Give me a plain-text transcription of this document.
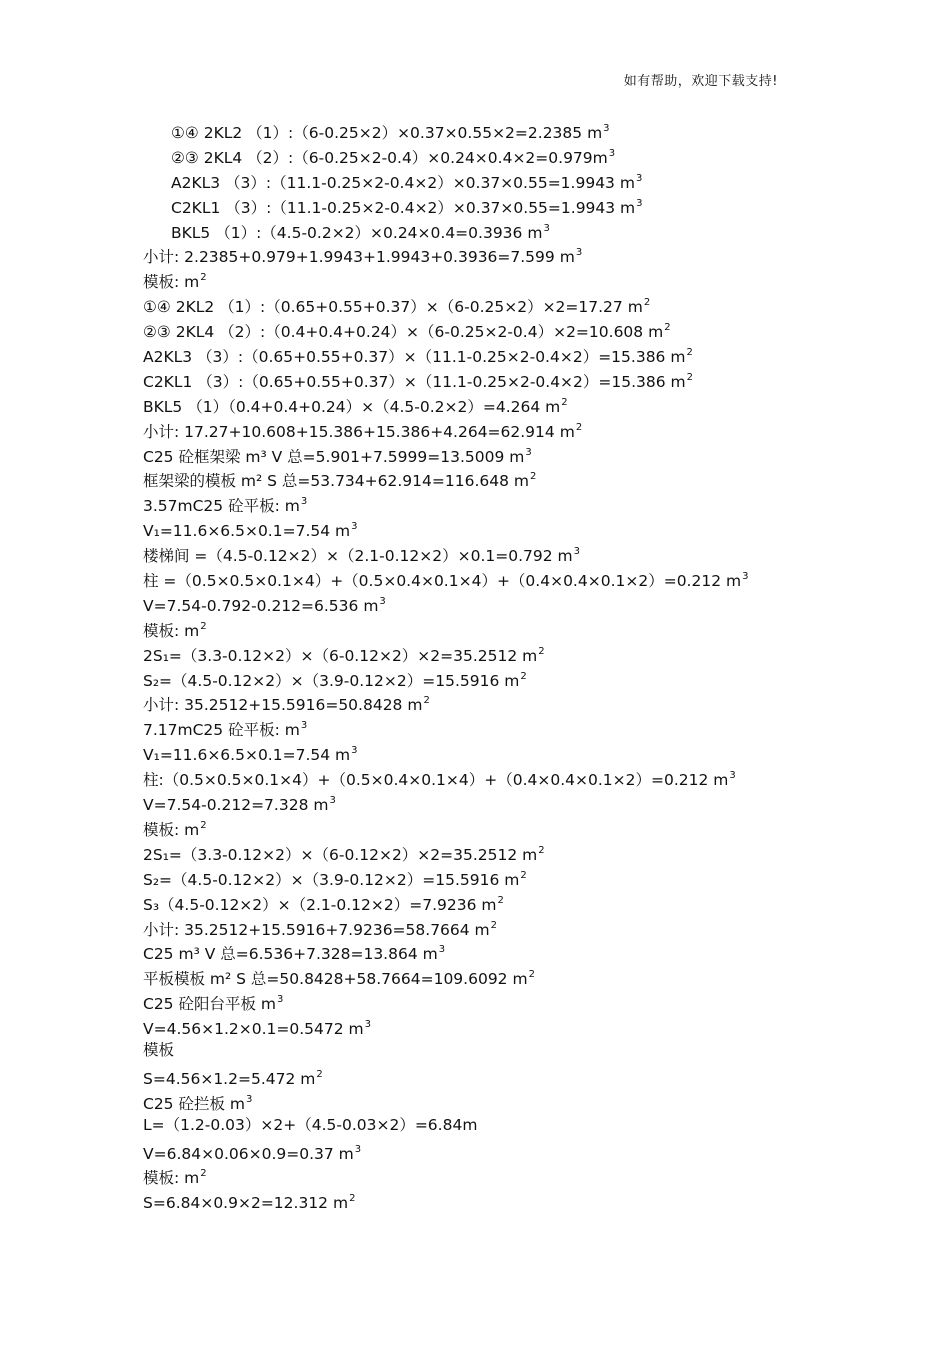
如有帮助，欢迎下载支持!
①④ 2KL2 （1）:（6-0.25×2）×0.37×0.55×2=2.2385 $m^3$
②③ 2KL4 $(2):(6-0.25\times 2-0.4)\times 0.24\times 0.4\times 2=0.979m^3$
A2KL3 （3）:（11.1-0.25×2-0.4×2）×0.37×0.55=1.9943 $m^3$
C2KL1 （3）:（11.1-0.25×2-0.4×2）×0.37×0.55=1.9943 $m^3$
BKL5 （1）:（4.5-0.2×2）×0.24×0.4=0.3936 $m^3$
小计: 2.2385+0.979+1.9943+1.9943+0.3936=7.599 $m^3$
模板: $m^2$
①④ 2KL2 （1）:（0.65+0.55+0.37）×（6-0.25×2）×2=17.27 $m^2$
②③ 2KL4 （2）:（0.4+0.4+0.24）×（6-0.25×2-0.4）×2=10.608 $m^2$
A2KL3 （3）:（0.65+0.55+0.37）×（11.1-0.25×2-0.4×2）=15.386 $m^2$
C2KL1 （3）:（0.65+0.55+0.37）×（11.1-0.25×2-0.4×2）=15.386 $m^2$
BKL5 （1）（0.4+0.4+0.24）×（4.5-0.2×2）=4.264 $m^2$
小计: 17.27+10.608+15.386+15.386+4.264=62.914 $m^2$
C25 砼框架梁 m³ V 总=5.901+7.5999=13.5009 $m^3$
框架梁的模板 m² S 总=53.734+62.914=116.648 $m^2$
3.57mC25 砼平板: $m^3$
V₁=11.6×6.5×0.1=7.54 $m^3$
楼梯间 =（4.5-0.12×2）×（2.1-0.12×2）×0.1=0.792 $m^3$
柱 =（0.5×0.5×0.1×4）+（0.5×0.4×0.1×4）+（0.4×0.4×0.1×2）=0.212 $m^3$
V=7.54-0.792-0.212=6.536 $m^3$
模板: $m^2$
2S₁=（3.3-0.12×2）×（6-0.12×2）×2=35.2512 $m^2$
S₂=（4.5-0.12×2）×（3.9-0.12×2）=15.5916 $m^2$
小计: 35.2512+15.5916=50.8428 $m^2$
7.17mC25 砼平板: $m^3$
V₁=11.6×6.5×0.1=7.54 $m^3$
柱:（0.5×0.5×0.1×4）+（0.5×0.4×0.1×4）+（0.4×0.4×0.1×2）=0.212 $m^3$
V=7.54-0.212=7.328 $m^3$
模板: $m^2$
2S₁=（3.3-0.12×2）×（6-0.12×2）×2=35.2512 $m^2$
S₂=（4.5-0.12×2）×（3.9-0.12×2）=15.5916 $m^2$
S₃（4.5-0.12×2）×（2.1-0.12×2）=7.9236 $m^2$
小计: 35.2512+15.5916+7.9236=58.7664 $m^2$
C25 m³ V 总=6.536+7.328=13.864 $m^3$
平板模板 m² S 总=50.8428+58.7664=109.6092 $m^2$
C25 砼阳台平板 $m^3$
V=4.56×1.2×0.1=0.5472 $m^3$
模板
S=4.56×1.2=5.472 $m^2$
C25 砼拦板 $m^3$
L=（1.2-0.03）×2+（4.5-0.03×2）=6.84m
V=6.84×0.06×0.9=0.37 $m^3$
模板: $m^2$
S=6.84×0.9×2=12.312 $m^2$
